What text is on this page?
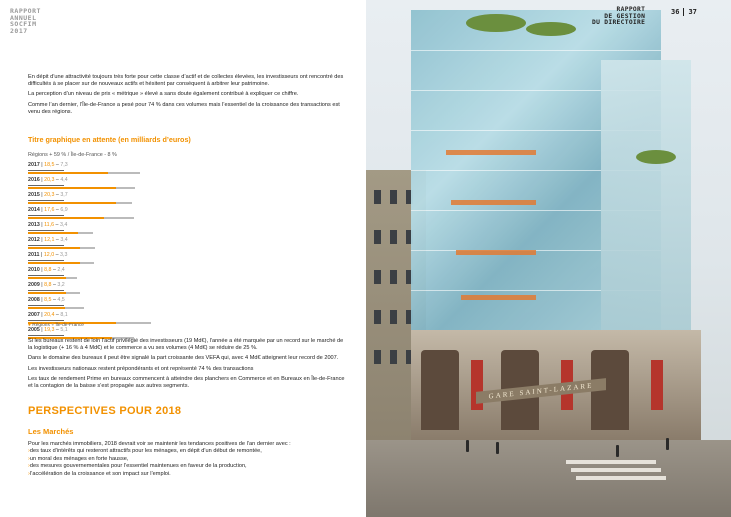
RAPPORT
ANNUEL
SOCFIM
2017

En dépit d’une attractivité toujours très forte pour cette classe d’actif et de collectes élevées, les investisseurs ont rencontré des difficultés à se placer sur de nouveaux actifs et hésitent par conséquent à arbitrer leur patrimoine.

La perception d’un niveau de prix « métrique » élevé a sans doute également contribué à expliquer ce chiffre.

Comme l’an dernier, l’Île-de-France a pesé pour 74 % dans ces volumes mais l’essentiel de la croissance des transactions est venu des régions.

Titre graphique en attente (en milliards d’euros)
Régions + 59 % / Île-de-France - 8 %
2017 | 18,5 – 7,3
2016 | 20,3 – 4,4
2015 | 20,3 – 3,7
2014 | 17,6 – 6,9
2013 | 11,6 – 3,4
2012 | 12,1 – 3,4
2011 | 12,0 – 3,3
2010 | 8,8 – 2,4
2009 | 8,8 – 3,2
2008 | 8,5 – 4,5
2007 | 20,4 – 8,1
2005 | 19,3 – 5,1
● Régions ● Île-de-France

Si les bureaux restent de loin l’actif privilégié des investisseurs (19 Md€), l’année a été marquée par un record sur le marché de la logistique (+ 16 % à 4 Md€) et le commerce a vu ses volumes (4 Md€) se réduire de 25 %.

Dans le domaine des bureaux il peut être signalé la part croissante des VEFA qui, avec 4 Md€ atteignent leur record de 2007.

Les investisseurs nationaux restent prépondérants et ont représenté 74 % des transactions

Les taux de rendement Prime en bureaux commencent à atteindre des planchers en Commerce et en Bureaux en Île-de-France et la contagion de la baisse s’est propagée aux autres segments.

PERSPECTIVES POUR 2018
Les Marchés
Pour les marchés immobiliers, 2018 devrait voir se maintenir les tendances positives de l’an dernier avec :
›des taux d’intérêts qui resteront attractifs pour les ménages, en dépit d’un début de remontée,
›un moral des ménages en forte hausse,
›des mesures gouvernementales pour l’essentiel maintenues en faveur de la production,
›l’accélération de la croissance et son impact sur l’emploi.
GARE SAINT-LAZARE
RAPPORT
DE GESTION
DU DIRECTOIRE
36 37
